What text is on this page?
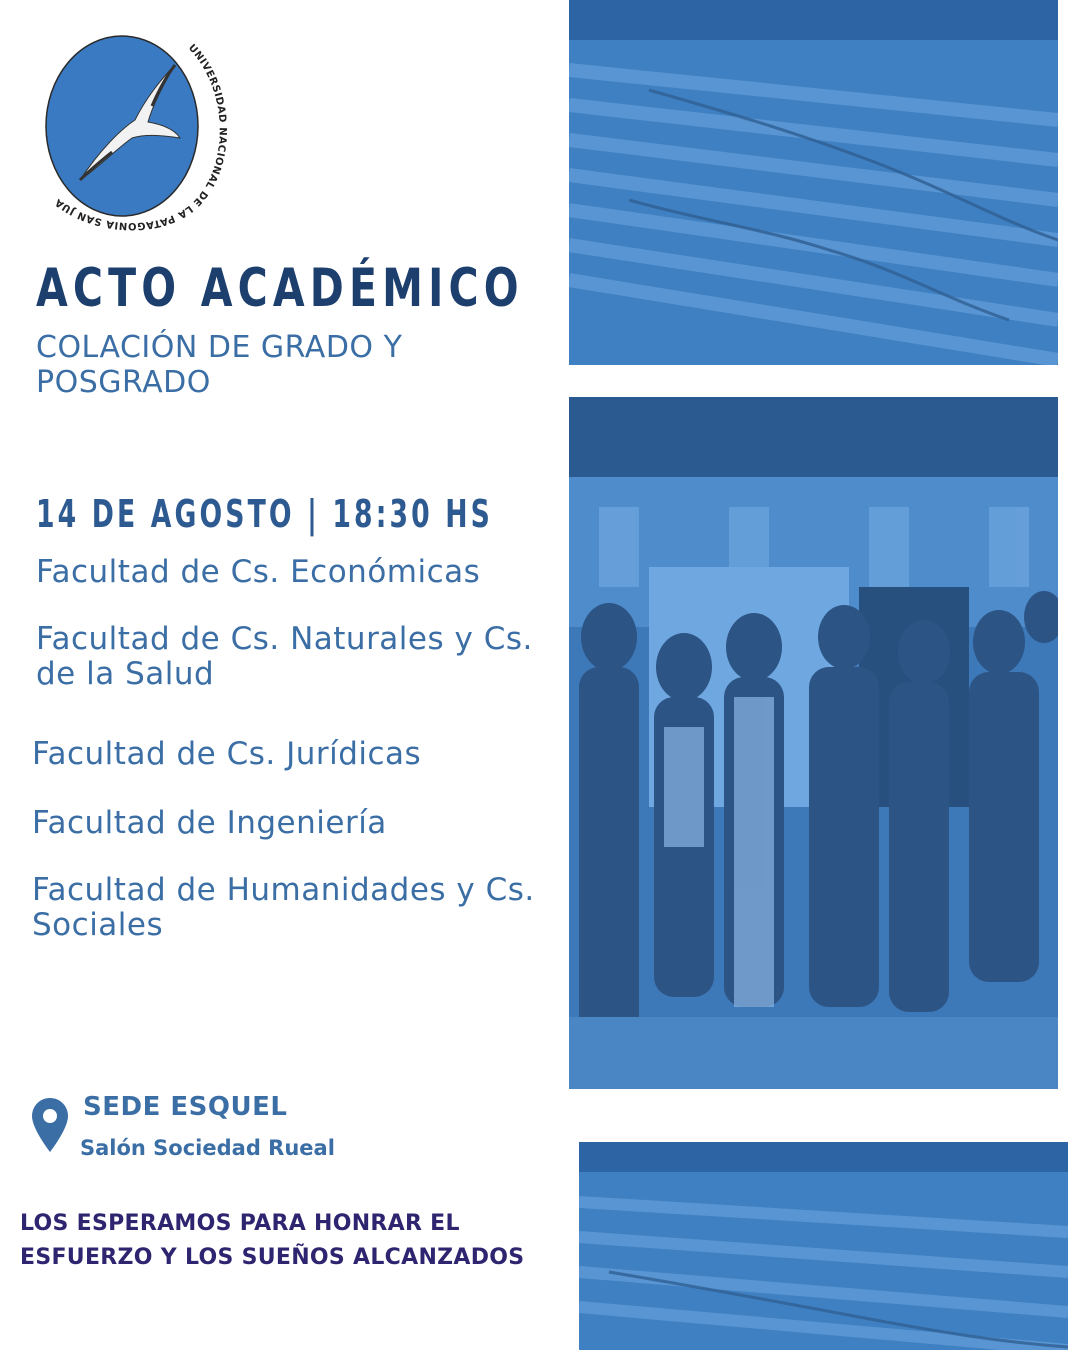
UNIVERSIDAD NACIONAL DE LA PATAGONIA SAN JUA
ACTO ACADÉMICO
COLACIÓN DE GRADO Y POSGRADO
14 DE AGOSTO | 18:30 HS
Facultad de Cs. Económicas
Facultad de Cs. Naturales y Cs. de la Salud
Facultad de Cs. Jurídicas
Facultad de Ingeniería
Facultad de Humanidades y Cs. Sociales
SEDE ESQUEL
Salón Sociedad Rueal
LOS ESPERAMOS PARA HONRAR EL ESFUERZO Y LOS SUEÑOS ALCANZADOS
